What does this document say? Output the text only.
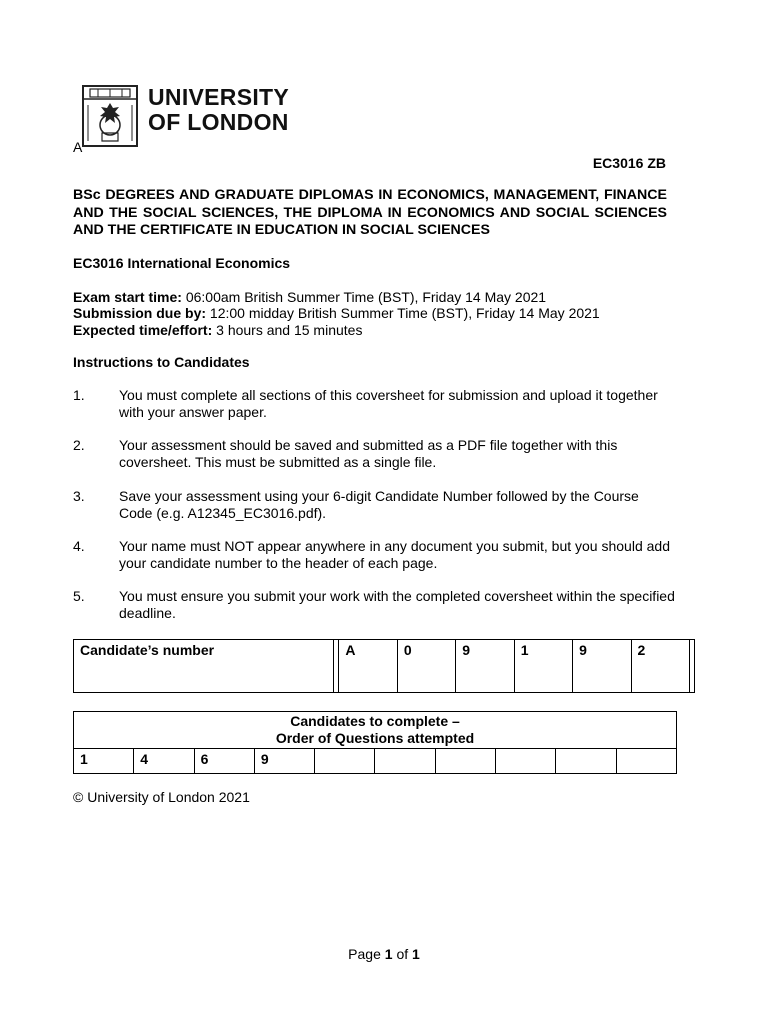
UNIVERSITY
OF LONDON
A
EC3016 ZB
BSc DEGREES AND GRADUATE DIPLOMAS IN ECONOMICS, MANAGEMENT, FINANCE AND THE SOCIAL SCIENCES, THE DIPLOMA IN ECONOMICS AND SOCIAL SCIENCES AND THE CERTIFICATE IN EDUCATION IN SOCIAL SCIENCES
EC3016 International Economics
Exam start time: 06:00am British Summer Time (BST), Friday 14 May 2021
Submission due by: 12:00 midday British Summer Time (BST), Friday 14 May 2021
Expected time/effort: 3 hours and 15 minutes
Instructions to Candidates
1. You must complete all sections of this coversheet for submission and upload it together with your answer paper.
2. Your assessment should be saved and submitted as a PDF file together with this coversheet. This must be submitted as a single file.
3. Save your assessment using your 6-digit Candidate Number followed by the Course Code (e.g. A12345_EC3016.pdf).
4. Your name must NOT appear anywhere in any document you submit, but you should add your candidate number to the header of each page.
5. You must ensure you submit your work with the completed coversheet within the specified deadline.
Candidate’s number		A	0	9	1	9	2	
Candidates to complete –
Order of Questions attempted

1	4	6	9						
© University of London 2021
Page 1 of 1
